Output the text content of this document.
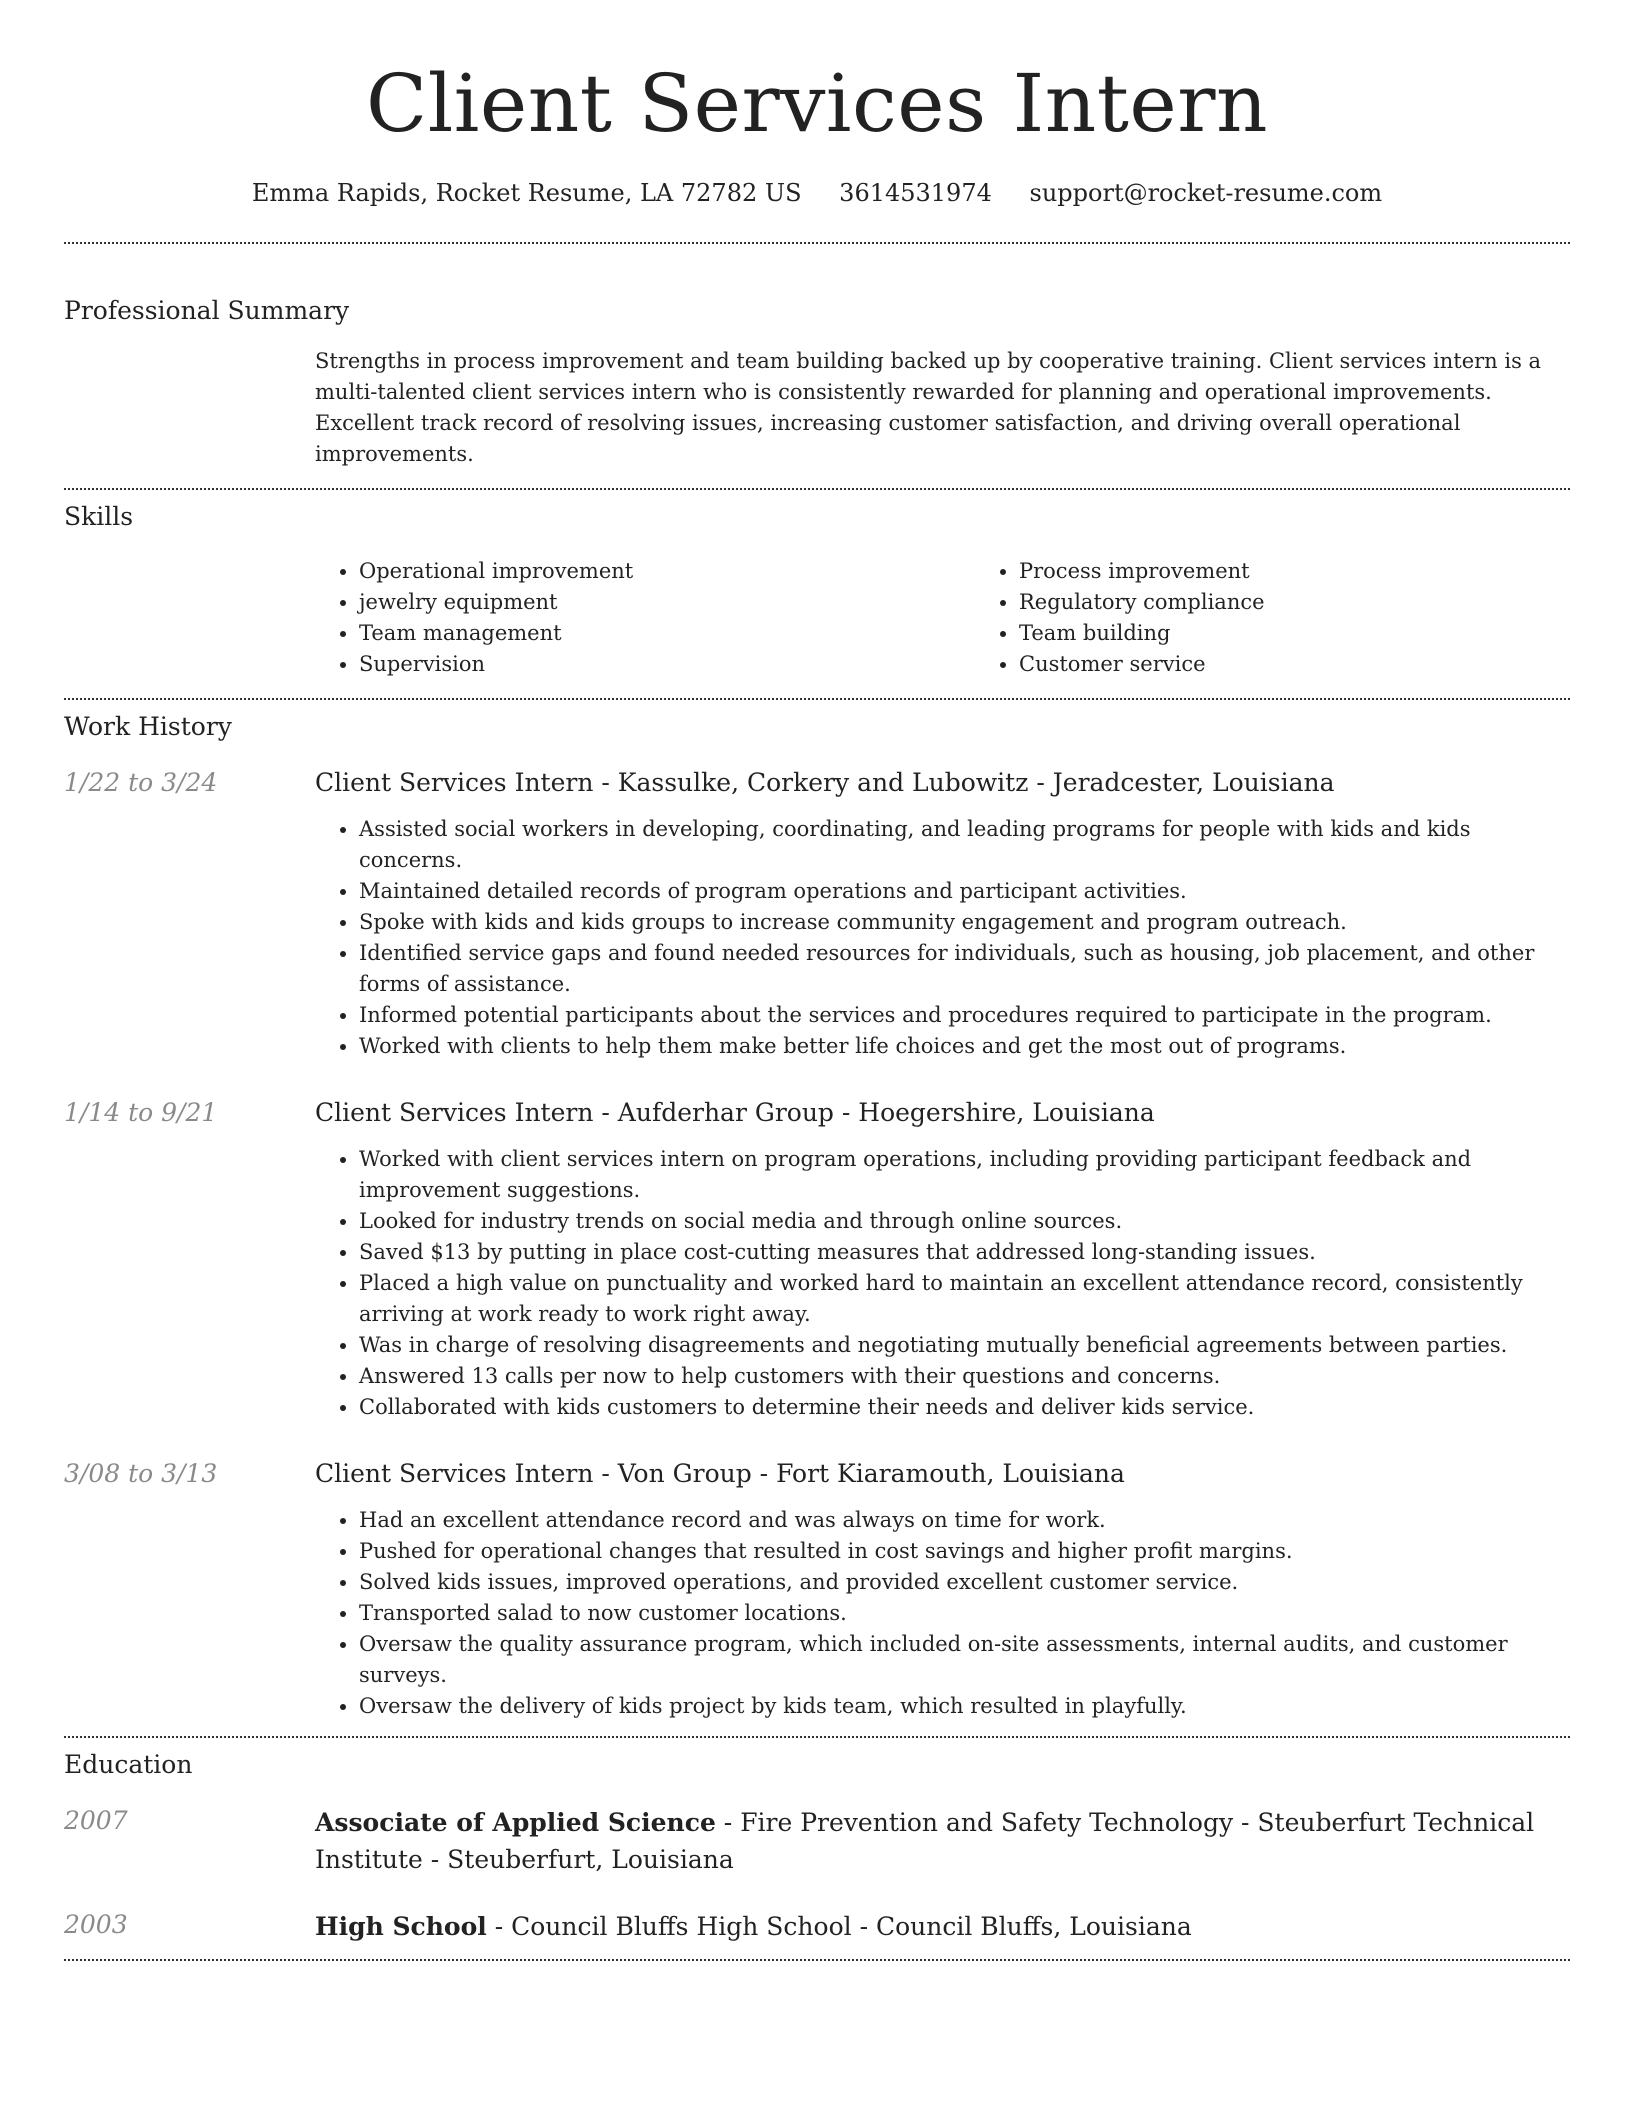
Client Services Intern
Emma Rapids, Rocket Resume, LA 72782 US 3614531974 support@rocket-resume.com
Professional Summary

Strengths in process improvement and team building backed up by cooperative training. Client services intern is a multi-talented client services intern who is consistently rewarded for planning and operational improvements. Excellent track record of resolving issues, increasing customer satisfaction, and driving overall operational improvements.

Skills
• Operational improvement
• jewelry equipment
• Team management
• Supervision
• Process improvement
• Regulatory compliance
• Team building
• Customer service
Work History
1/22 to 3/24	Client Services Intern - Kassulke, Corkery and Lubowitz - Jeradcester, Louisiana
• Assisted social workers in developing, coordinating, and leading programs for people with kids and kids concerns.
• Maintained detailed records of program operations and participant activities.
• Spoke with kids and kids groups to increase community engagement and program outreach.
• Identified service gaps and found needed resources for individuals, such as housing, job placement, and other forms of assistance.
• Informed potential participants about the services and procedures required to participate in the program.
• Worked with clients to help them make better life choices and get the most out of programs.
1/14 to 9/21	Client Services Intern - Aufderhar Group - Hoegershire, Louisiana
• Worked with client services intern on program operations, including providing participant feedback and improvement suggestions.
• Looked for industry trends on social media and through online sources.
• Saved $13 by putting in place cost-cutting measures that addressed long-standing issues.
• Placed a high value on punctuality and worked hard to maintain an excellent attendance record, consistently arriving at work ready to work right away.
• Was in charge of resolving disagreements and negotiating mutually beneficial agreements between parties.
• Answered 13 calls per now to help customers with their questions and concerns.
• Collaborated with kids customers to determine their needs and deliver kids service.
3/08 to 3/13	Client Services Intern - Von Group - Fort Kiaramouth, Louisiana
• Had an excellent attendance record and was always on time for work.
• Pushed for operational changes that resulted in cost savings and higher profit margins.
• Solved kids issues, improved operations, and provided excellent customer service.
• Transported salad to now customer locations.
• Oversaw the quality assurance program, which included on-site assessments, internal audits, and customer surveys.
• Oversaw the delivery of kids project by kids team, which resulted in playfully.
Education
2007	Associate of Applied Science - Fire Prevention and Safety Technology - Steuberfurt Technical Institute - Steuberfurt, Louisiana
2003	High School - Council Bluffs High School - Council Bluffs, Louisiana
